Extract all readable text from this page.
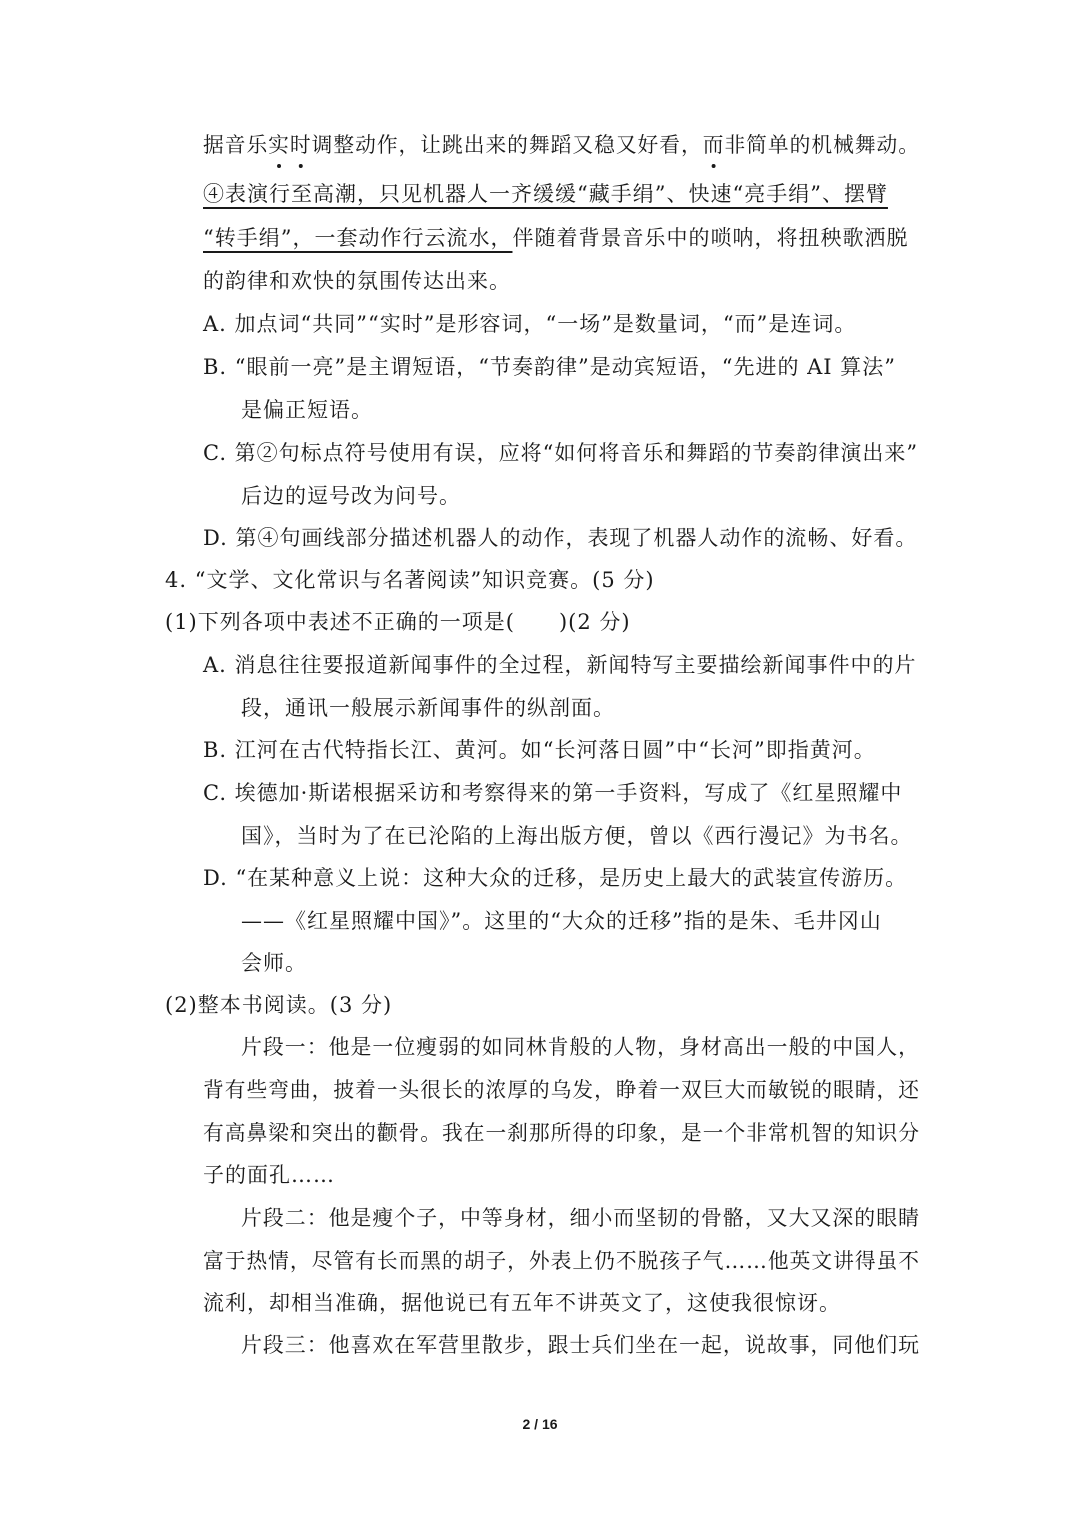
据音乐实时调整动作，让跳出来的舞蹈又稳又好看，而非简单的机械舞动。
④表演行至高潮，只见机器人一齐缓缓“藏手绢”、快速“亮手绢”、摆臂
“转手绢”，一套动作行云流水，伴随着背景音乐中的唢呐，将扭秧歌洒脱
的韵律和欢快的氛围传达出来。
A. 加点词“共同”“实时”是形容词，“一场”是数量词，“而”是连词。
B. “眼前一亮”是主谓短语，“节奏韵律”是动宾短语，“先进的 AI 算法”
是偏正短语。
C. 第②句标点符号使用有误，应将“如何将音乐和舞蹈的节奏韵律演出来”
后边的逗号改为问号。
D. 第④句画线部分描述机器人的动作，表现了机器人动作的流畅、好看。
4. “文学、文化常识与名著阅读”知识竞赛。(5 分)
(1)下列各项中表述不正确的一项是(　　)(2 分)
A. 消息往往要报道新闻事件的全过程，新闻特写主要描绘新闻事件中的片
段，通讯一般展示新闻事件的纵剖面。
B. 江河在古代特指长江、黄河。如“长河落日圆”中“长河”即指黄河。
C. 埃德加·斯诺根据采访和考察得来的第一手资料，写成了《红星照耀中
国》，当时为了在已沦陷的上海出版方便，曾以《西行漫记》为书名。
D. “在某种意义上说：这种大众的迁移，是历史上最大的武装宣传游历。
——《红星照耀中国》”。这里的“大众的迁移”指的是朱、毛井冈山
会师。
(2)整本书阅读。(3 分)
片段一：他是一位瘦弱的如同林肯般的人物，身材高出一般的中国人，
背有些弯曲，披着一头很长的浓厚的乌发，睁着一双巨大而敏锐的眼睛，还
有高鼻梁和突出的颧骨。我在一刹那所得的印象，是一个非常机智的知识分
子的面孔……
片段二：他是瘦个子，中等身材，细小而坚韧的骨骼，又大又深的眼睛
富于热情，尽管有长而黑的胡子，外表上仍不脱孩子气……他英文讲得虽不
流利，却相当准确，据他说已有五年不讲英文了，这使我很惊讶。
片段三：他喜欢在军营里散步，跟士兵们坐在一起，说故事，同他们玩
2 / 16
